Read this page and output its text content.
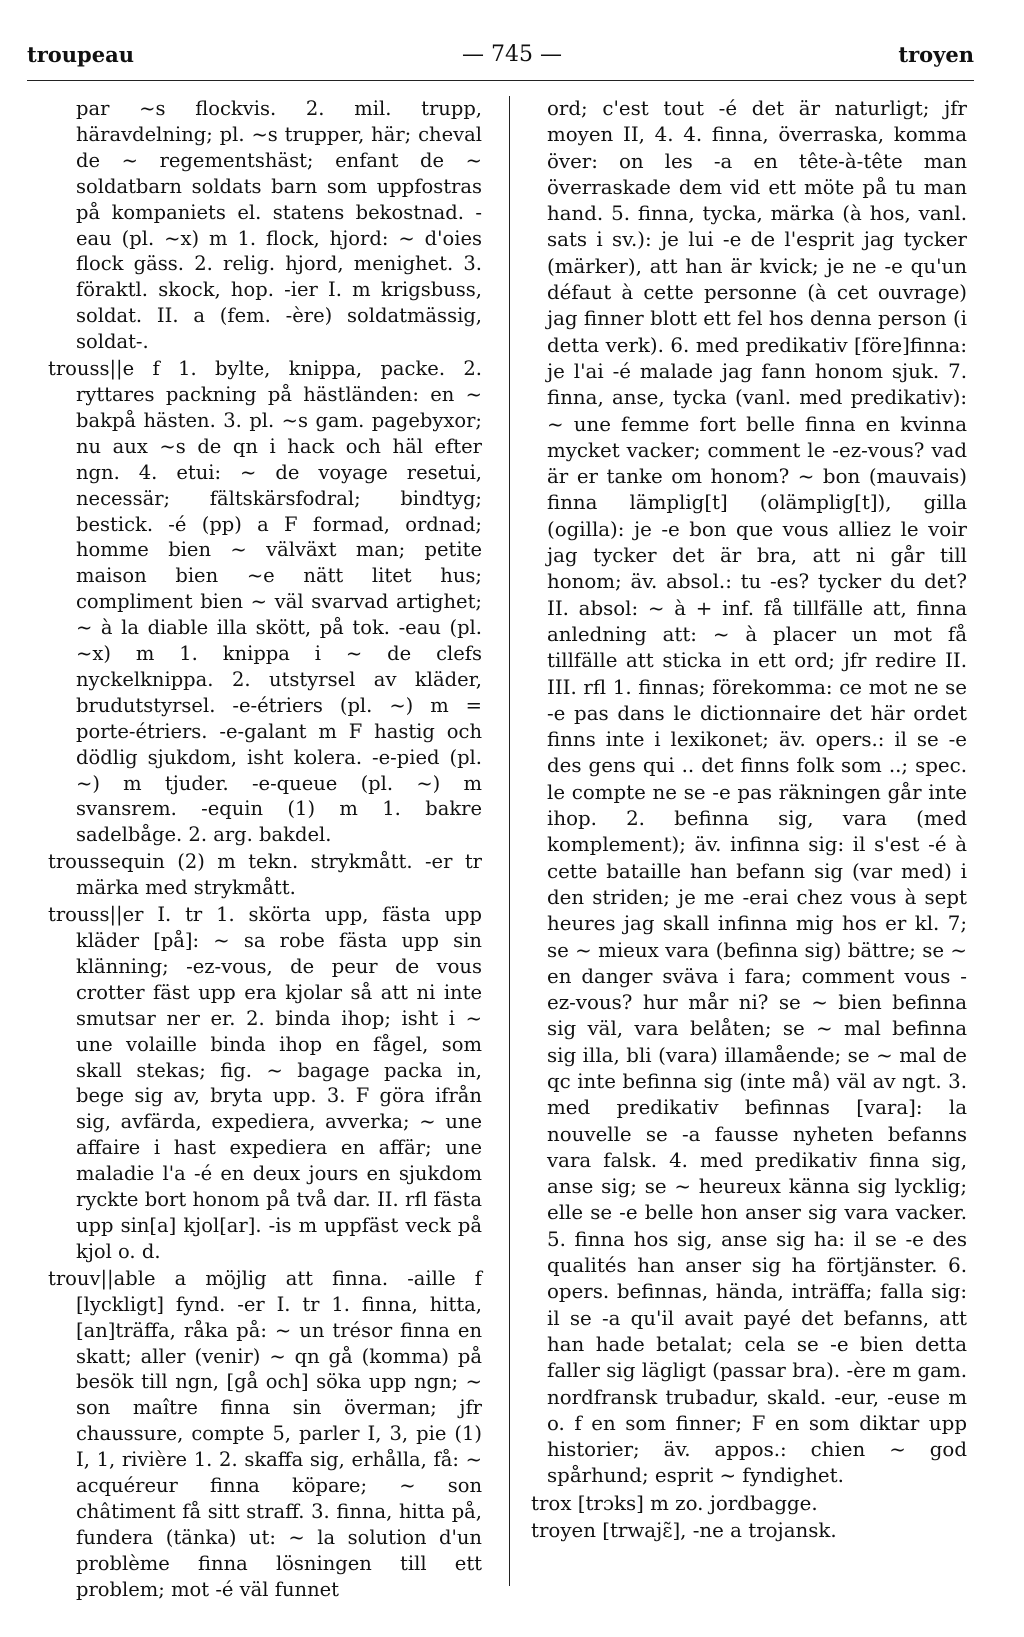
troupeau	— 745 —	troyen

par ~s flockvis. 2. mil. trupp, häravdelning; pl. ~s trupper, här; cheval de ~ regementshäst; enfant de ~ soldatbarn soldats barn som uppfostras på kompaniets el. statens bekostnad. -eau (pl. ~x) m 1. flock, hjord: ~ d'oies flock gäss. 2. relig. hjord, menighet. 3. föraktl. skock, hop. -ier I. m krigsbuss, soldat. II. a (fem. -ère) soldatmässig, soldat-.

trouss||e f 1. bylte, knippa, packe. 2. ryttares packning på hästländen: en ~ bakpå hästen. 3. pl. ~s gam. pagebyxor; nu aux ~s de qn i hack och häl efter ngn. 4. etui: ~ de voyage resetui, necessär; fältskärsfodral; bindtyg; bestick. -é (pp) a F formad, ordnad; homme bien ~ välväxt man; petite maison bien ~e nätt litet hus; compliment bien ~ väl svarvad artighet; ~ à la diable illa skött, på tok. -eau (pl. ~x) m 1. knippa i ~ de clefs nyckelknippa. 2. utstyrsel av kläder, brudutstyrsel. -e-étriers (pl. ~) m = porte-étriers. -e-galant m F hastig och dödlig sjukdom, isht kolera. -e-pied (pl. ~) m tjuder. -e-queue (pl. ~) m svansrem. -equin (1) m 1. bakre sadelbåge. 2. arg. bakdel.

troussequin (2) m tekn. strykmått. -er tr märka med strykmått.

trouss||er I. tr 1. skörta upp, fästa upp kläder [på]: ~ sa robe fästa upp sin klänning; -ez-vous, de peur de vous crotter fäst upp era kjolar så att ni inte smutsar ner er. 2. binda ihop; isht i ~ une volaille binda ihop en fågel, som skall stekas; fig. ~ bagage packa in, bege sig av, bryta upp. 3. F göra ifrån sig, avfärda, expediera, avverka; ~ une affaire i hast expediera en affär; une maladie l'a -é en deux jours en sjukdom ryckte bort honom på två dar. II. rfl fästa upp sin[a] kjol[ar]. -is m uppfäst veck på kjol o. d.

trouv||able a möjlig att finna. -aille f [lyckligt] fynd. -er I. tr 1. finna, hitta, [an]träffa, råka på: ~ un trésor finna en skatt; aller (venir) ~ qn gå (komma) på besök till ngn, [gå och] söka upp ngn; ~ son maître finna sin överman; jfr chaussure, compte 5, parler I, 3, pie (1) I, 1, rivière 1. 2. skaffa sig, erhålla, få: ~ acquéreur finna köpare; ~ son châtiment få sitt straff. 3. finna, hitta på, fundera (tänka) ut: ~ la solution d'un problème finna lösningen till ett problem; mot -é väl funnet

ord; c'est tout -é det är naturligt; jfr moyen II, 4. 4. finna, överraska, komma över: on les -a en tête-à-tête man överraskade dem vid ett möte på tu man hand. 5. finna, tycka, märka (à hos, vanl. sats i sv.): je lui -e de l'esprit jag tycker (märker), att han är kvick; je ne -e qu'un défaut à cette personne (à cet ouvrage) jag finner blott ett fel hos denna person (i detta verk). 6. med predikativ [före]finna: je l'ai -é malade jag fann honom sjuk. 7. finna, anse, tycka (vanl. med predikativ): ~ une femme fort belle finna en kvinna mycket vacker; comment le -ez-vous? vad är er tanke om honom? ~ bon (mauvais) finna lämplig[t] (olämplig[t]), gilla (ogilla): je -e bon que vous alliez le voir jag tycker det är bra, att ni går till honom; äv. absol.: tu -es? tycker du det? II. absol: ~ à + inf. få tillfälle att, finna anledning att: ~ à placer un mot få tillfälle att sticka in ett ord; jfr redire II. III. rfl 1. finnas; förekomma: ce mot ne se -e pas dans le dictionnaire det här ordet finns inte i lexikonet; äv. opers.: il se -e des gens qui .. det finns folk som ..; spec. le compte ne se -e pas räkningen går inte ihop. 2. befinna sig, vara (med komplement); äv. infinna sig: il s'est -é à cette bataille han befann sig (var med) i den striden; je me -erai chez vous à sept heures jag skall infinna mig hos er kl. 7; se ~ mieux vara (befinna sig) bättre; se ~ en danger sväva i fara; comment vous -ez-vous? hur mår ni? se ~ bien befinna sig väl, vara belåten; se ~ mal befinna sig illa, bli (vara) illamående; se ~ mal de qc inte befinna sig (inte må) väl av ngt. 3. med predikativ befinnas [vara]: la nouvelle se -a fausse nyheten befanns vara falsk. 4. med predikativ finna sig, anse sig; se ~ heureux känna sig lycklig; elle se -e belle hon anser sig vara vacker. 5. finna hos sig, anse sig ha: il se -e des qualités han anser sig ha förtjänster. 6. opers. befinnas, hända, inträffa; falla sig: il se -a qu'il avait payé det befanns, att han hade betalat; cela se -e bien detta faller sig lägligt (passar bra). -ère m gam. nordfransk trubadur, skald. -eur, -euse m o. f en som finner; F en som diktar upp historier; äv. appos.: chien ~ god spårhund; esprit ~ fyndighet.

trox [trɔks] m zo. jordbagge.

troyen [trwajɛ̃], -ne a trojansk.
